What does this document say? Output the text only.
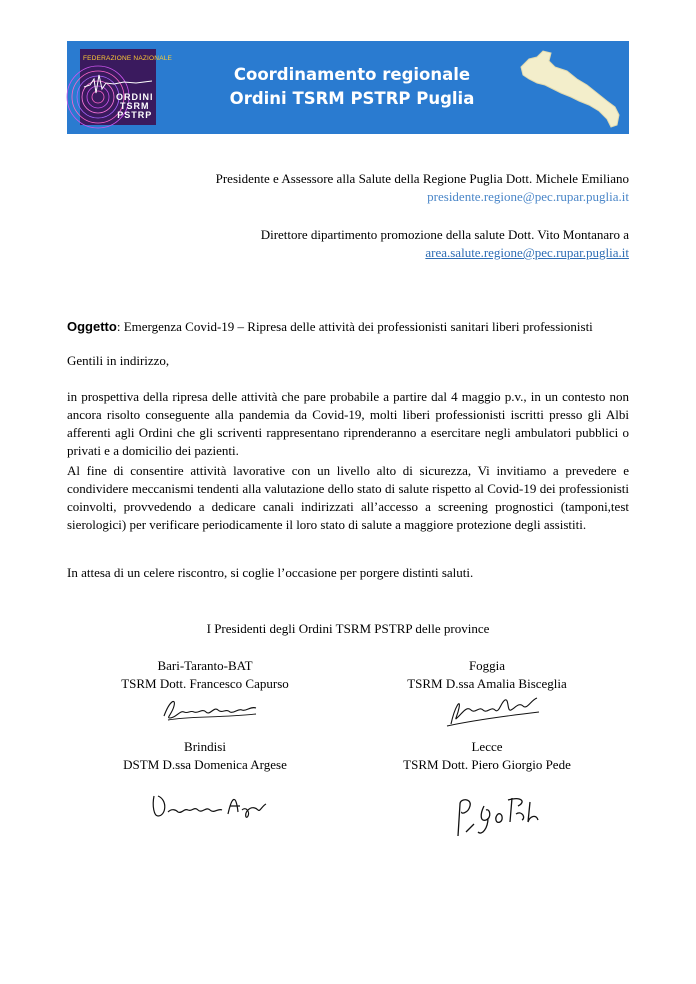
FEDERAZIONE NAZIONALE
ORDINI
TSRM
PSTRP
Coordinamento regionale
Ordini TSRM PSTRP Puglia
Presidente e Assessore alla Salute della Regione Puglia Dott. Michele Emiliano
presidente.regione@pec.rupar.puglia.it
Direttore dipartimento promozione della salute Dott. Vito Montanaro a
area.salute.regione@pec.rupar.puglia.it
Oggetto: Emergenza Covid-19 – Ripresa delle attività dei professionisti sanitari liberi professionisti
Gentili in indirizzo,
in prospettiva della ripresa delle attività che pare probabile a partire dal 4 maggio p.v., in un contesto non ancora risolto conseguente alla pandemia da Covid-19, molti liberi professionisti iscritti presso gli Albi afferenti agli Ordini che gli scriventi rappresentano riprenderanno a esercitare negli ambulatori pubblici o privati e a domicilio dei pazienti.
Al fine di consentire attività lavorative con un livello alto di sicurezza, Vi invitiamo a prevedere e condividere meccanismi tendenti alla valutazione dello stato di salute rispetto al Covid-19 dei professionisti coinvolti, provvedendo a dedicare canali indirizzati all’accesso a screening prognostici (tamponi,test sierologici) per verificare periodicamente il loro stato di salute a maggiore protezione degli assistiti.
In attesa di un celere riscontro, si coglie l’occasione per porgere distinti saluti.
I Presidenti degli Ordini TSRM PSTRP delle province
Bari-Taranto-BAT
TSRM Dott. Francesco Capurso
Foggia
TSRM D.ssa Amalia Bisceglia
Brindisi
DSTM D.ssa Domenica Argese
Lecce
TSRM Dott. Piero Giorgio Pede
